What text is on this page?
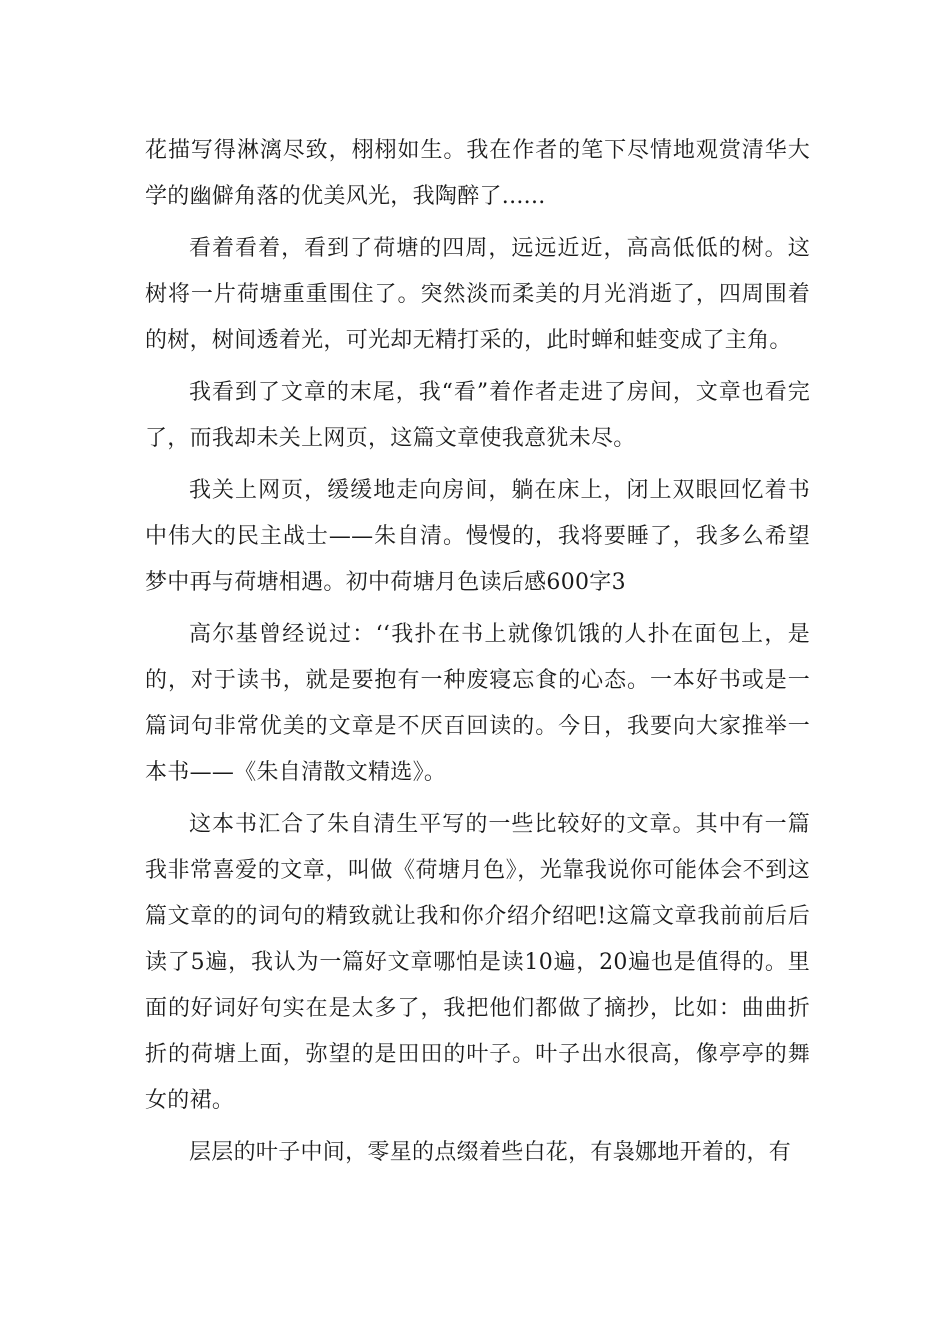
花描写得淋漓尽致，栩栩如生。我在作者的笔下尽情地观赏清华大学的幽僻角落的优美风光，我陶醉了......

看着看着，看到了荷塘的四周，远远近近，高高低低的树。这树将一片荷塘重重围住了。突然淡而柔美的月光消逝了，四周围着的树，树间透着光，可光却无精打采的，此时蝉和蛙变成了主角。

我看到了文章的末尾，我“看”着作者走进了房间，文章也看完了，而我却未关上网页，这篇文章使我意犹未尽。

我关上网页，缓缓地走向房间，躺在床上，闭上双眼回忆着书中伟大的民主战士——朱自清。慢慢的，我将要睡了，我多么希望梦中再与荷塘相遇。初中荷塘月色读后感600字3

高尔基曾经说过：‘‘我扑在书上就像饥饿的人扑在面包上，是的，对于读书，就是要抱有一种废寝忘食的心态。一本好书或是一篇词句非常优美的文章是不厌百回读的。今日，我要向大家推举一本书——《朱自清散文精选》。

这本书汇合了朱自清生平写的一些比较好的文章。其中有一篇我非常喜爱的文章，叫做《荷塘月色》，光靠我说你可能体会不到这篇文章的的词句的精致就让我和你介绍介绍吧!这篇文章我前前后后读了5遍，我认为一篇好文章哪怕是读10遍，20遍也是值得的。里面的好词好句实在是太多了，我把他们都做了摘抄，比如：曲曲折折的荷塘上面，弥望的是田田的叶子。叶子出水很高，像亭亭的舞女的裙。

层层的叶子中间，零星的点缀着些白花，有袅娜地开着的，有
